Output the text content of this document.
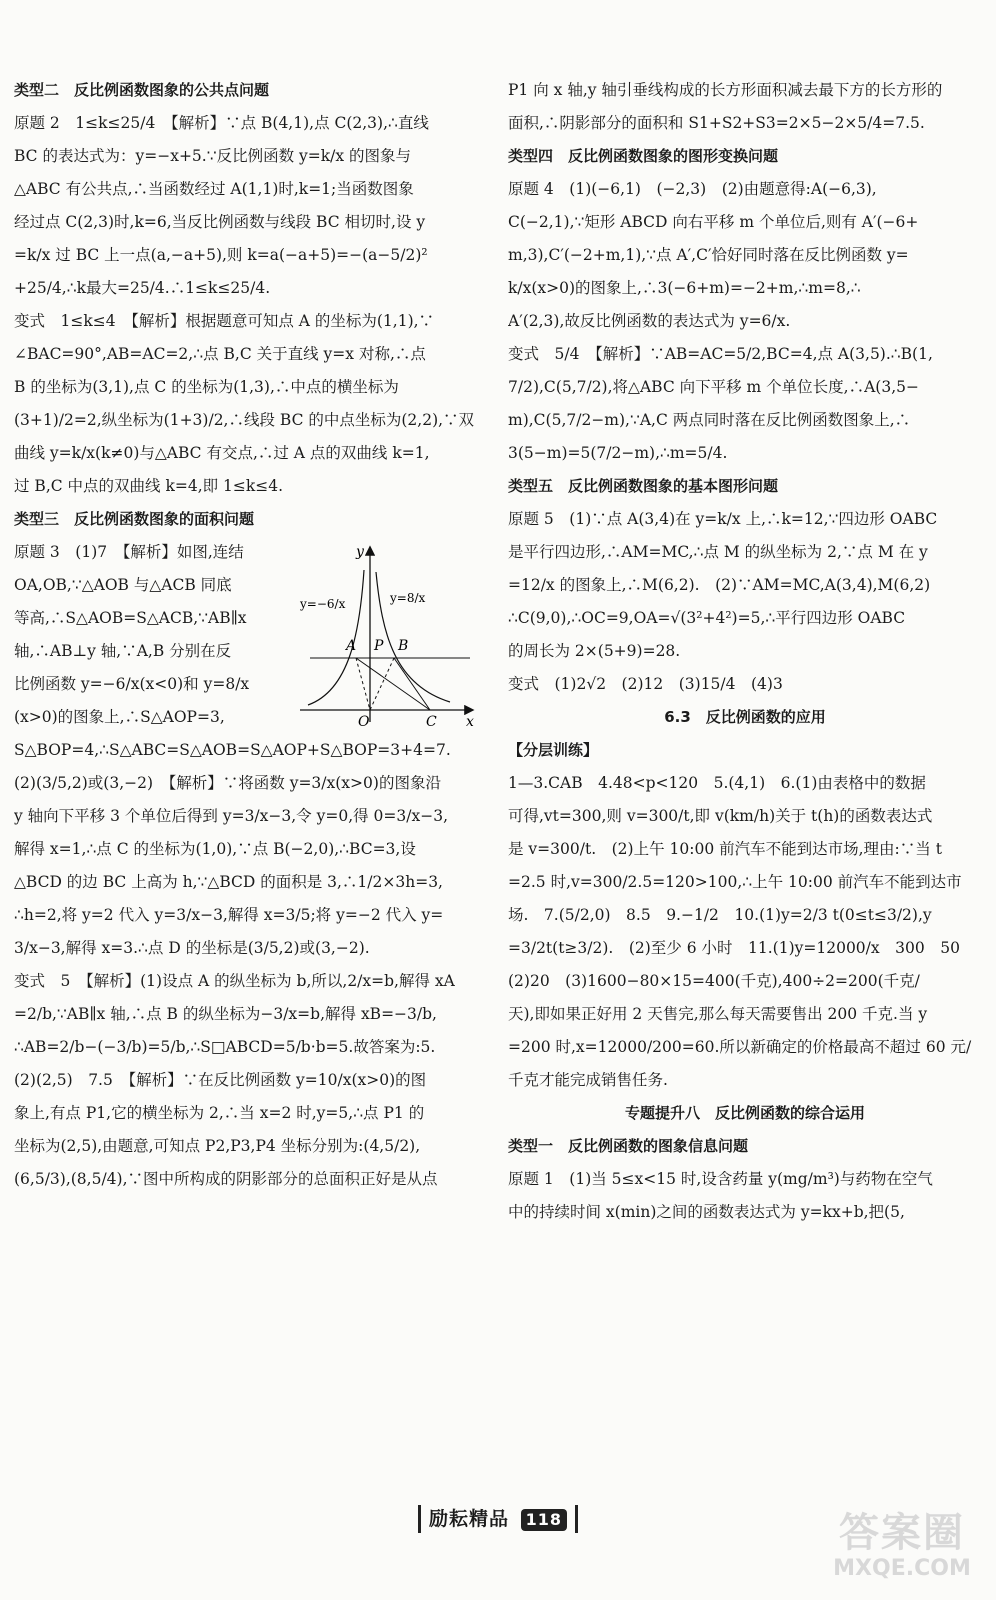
类型二　反比例函数图象的公共点问题
原题 2　1≤k≤25/4　【解析】∵点 B(4,1),点 C(2,3),∴直线
BC 的表达式为：y=−x+5.∵反比例函数 y=k/x 的图象与
△ABC 有公共点,∴当函数经过 A(1,1)时,k=1;当函数图象
经过点 C(2,3)时,k=6,当反比例函数与线段 BC 相切时,设 y
=k/x 过 BC 上一点(a,−a+5),则 k=a(−a+5)=−(a−5/2)²
+25/4,∴k最大=25/4.∴1≤k≤25/4.
变式　1≤k≤4　【解析】根据题意可知点 A 的坐标为(1,1),∵
∠BAC=90°,AB=AC=2,∴点 B,C 关于直线 y=x 对称,∴点
B 的坐标为(3,1),点 C 的坐标为(1,3),∴中点的横坐标为
(3+1)/2=2,纵坐标为(1+3)/2,∴线段 BC 的中点坐标为(2,2),∵双
曲线 y=k/x(k≠0)与△ABC 有交点,∴过 A 点的双曲线 k=1,
过 B,C 中点的双曲线 k=4,即 1≤k≤4.
类型三　反比例函数图象的面积问题
原题 3　(1)7　【解析】如图,连结
OA,OB,∵△AOB 与△ACB 同底
等高,∴S△AOB=S△ACB,∵AB∥x
轴,∴AB⊥y 轴,∵A,B 分别在反
比例函数 y=−6/x(x<0)和 y=8/x
(x>0)的图象上,∴S△AOP=3,
S△BOP=4,∴S△ABC=S△AOB=S△AOP+S△BOP=3+4=7.
(2)(3/5,2)或(3,−2)　【解析】∵将函数 y=3/x(x>0)的图象沿
y 轴向下平移 3 个单位后得到 y=3/x−3,令 y=0,得 0=3/x−3,
解得 x=1,∴点 C 的坐标为(1,0),∵点 B(−2,0),∴BC=3,设
△BCD 的边 BC 上高为 h,∵△BCD 的面积是 3,∴1/2×3h=3,
∴h=2,将 y=2 代入 y=3/x−3,解得 x=3/5;将 y=−2 代入 y=
3/x−3,解得 x=3.∴点 D 的坐标是(3/5,2)或(3,−2).
变式　5　【解析】(1)设点 A 的纵坐标为 b,所以,2/x=b,解得 xA
=2/b,∵AB∥x 轴,∴点 B 的纵坐标为−3/x=b,解得 xB=−3/b,
∴AB=2/b−(−3/b)=5/b,∴S□ABCD=5/b·b=5.故答案为:5.
(2)(2,5)　7.5　【解析】∵在反比例函数 y=10/x(x>0)的图
象上,有点 P1,它的横坐标为 2,∴当 x=2 时,y=5,∴点 P1 的
坐标为(2,5),由题意,可知点 P2,P3,P4 坐标分别为:(4,5/2),
(6,5/3),(8,5/4),∵图中所构成的阴影部分的总面积正好是从点
P1 向 x 轴,y 轴引垂线构成的长方形面积减去最下方的长方形的
面积,∴阴影部分的面积和 S1+S2+S3=2×5−2×5/4=7.5.
类型四　反比例函数图象的图形变换问题
原题 4　(1)(−6,1)　(−2,3)　(2)由题意得:A(−6,3),
C(−2,1),∵矩形 ABCD 向右平移 m 个单位后,则有 A′(−6+
m,3),C′(−2+m,1),∵点 A′,C′恰好同时落在反比例函数 y=
k/x(x>0)的图象上,∴3(−6+m)=−2+m,∴m=8,∴
A′(2,3),故反比例函数的表达式为 y=6/x.
变式　5/4　【解析】∵AB=AC=5/2,BC=4,点 A(3,5).∴B(1,
7/2),C(5,7/2),将△ABC 向下平移 m 个单位长度,∴A(3,5−
m),C(5,7/2−m),∵A,C 两点同时落在反比例函数图象上,∴
3(5−m)=5(7/2−m),∴m=5/4.
类型五　反比例函数图象的基本图形问题
原题 5　(1)∵点 A(3,4)在 y=k/x 上,∴k=12,∵四边形 OABC
是平行四边形,∴AM=MC,∴点 M 的纵坐标为 2,∵点 M 在 y
=12/x 的图象上,∴M(6,2).　(2)∵AM=MC,A(3,4),M(6,2)
∴C(9,0),∴OC=9,OA=√(3²+4²)=5,∴平行四边形 OABC
的周长为 2×(5+9)=28.
变式　(1)2√2　(2)12　(3)15/4　(4)3
6.3　反比例函数的应用
【分层训练】
1—3.CAB　4.48<p<120　5.(4,1)　6.(1)由表格中的数据
可得,vt=300,则 v=300/t,即 v(km/h)关于 t(h)的函数表达式
是 v=300/t.　(2)上午 10:00 前汽车不能到达市场,理由:∵当 t
=2.5 时,v=300/2.5=120>100,∴上午 10:00 前汽车不能到达市
场.　7.(5/2,0)　8.5　9.−1/2　10.(1)y=2/3 t(0≤t≤3/2),y
=3/2t(t≥3/2).　(2)至少 6 小时　11.(1)y=12000/x　300　50
(2)20　(3)1600−80×15=400(千克),400÷2=200(千克/
天),即如果正好用 2 天售完,那么每天需要售出 200 千克.当 y
=200 时,x=12000/200=60.所以新确定的价格最高不超过 60 元/
千克才能完成销售任务.
专题提升八　反比例函数的综合运用
类型一　反比例函数的图象信息问题
原题 1　(1)当 5≤x<15 时,设含药量 y(mg/m³)与药物在空气
中的持续时间 x(min)之间的函数表达式为 y=kx+b,把(5,
y
x
O
A P B
C
y=−6/x	y=8/x
励耘精品 118	答案圈
MXQE.COM
